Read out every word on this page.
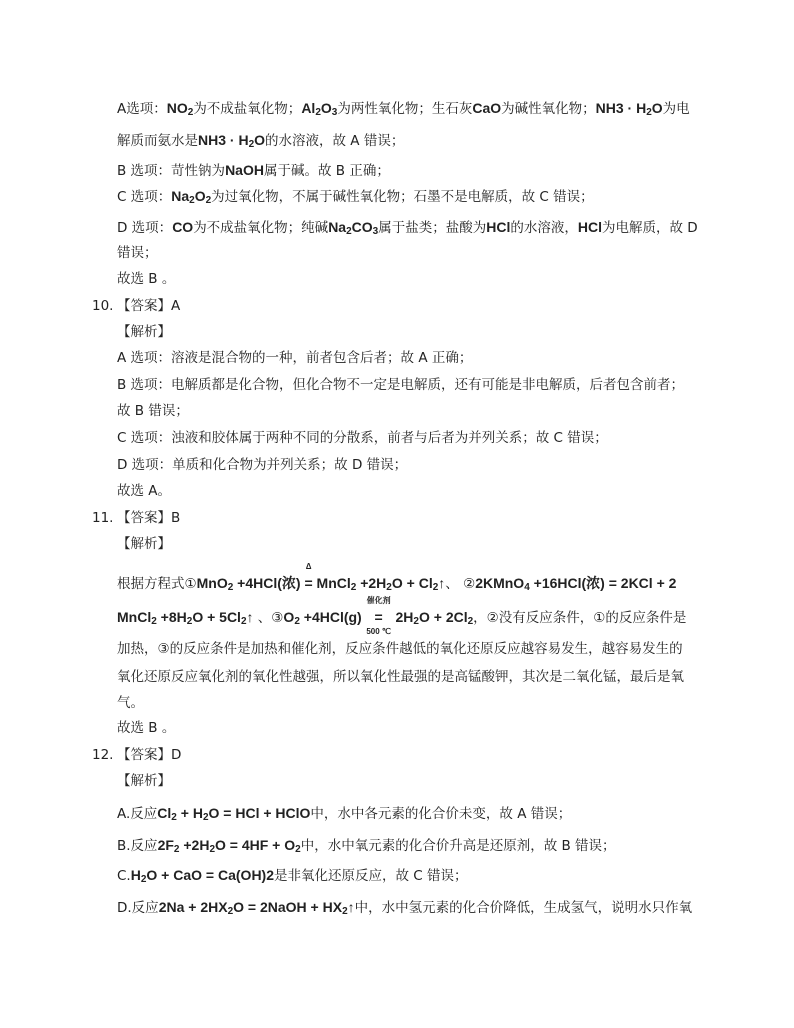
A选项：$NO_2$为不成盐氧化物；$Al_2O_3$为两性氧化物；生石灰CaO为碱性氧化物；$NH3 \cdot H_2O$为电
解质而氨水是$NH3 \cdot H_2O$的水溶液，故 A 错误；
B 选项：苛性钠为NaOH属于碱。故 B 正确；
C 选项：$Na_2O_2$为过氧化物，不属于碱性氧化物；石墨不是电解质，故 C 错误；
D 选项：CO为不成盐氧化物；纯碱$Na_2CO_3$属于盐类；盐酸为HCl的水溶液，HCl为电解质，故 D
错误；
故选 B 。
10. 【答案】A
【解析】
A 选项：溶液是混合物的一种，前者包含后者；故 A 正确；
B 选项：电解质都是化合物，但化合物不一定是电解质，还有可能是非电解质，后者包含前者；
故 B 错误；
C 选项：浊液和胶体属于两种不同的分散系，前者与后者为并列关系；故 C 错误；
D 选项：单质和化合物为并列关系；故 D 错误；
故选 A。
11. 【答案】B
【解析】
根据方程式①MnO$_2$ +4HCl(浓)
Δ
= MnCl$_2$ $+2H_2O$ + $Cl_2↑$、 ②2KMnO$_4$ +16HCl(浓) = 2KCl + 2
MnCl$_2$ $+8H_2O$ + $5Cl_2↑$ 、$③O_2 +4HCl(g)$
催化剂
=
500 ℃
$2H_2O + 2Cl_2$，②没有反应条件，①的反应条件是
加热，③的反应条件是加热和催化剂，反应条件越低的氧化还原反应越容易发生，越容易发生的
氧化还原反应氧化剂的氧化性越强，所以氧化性最强的是高锰酸钾，其次是二氧化锰，最后是氧
气。
故选 B 。
12. 【答案】D
【解析】
A.反应$Cl_2 + H_2O$ = HCl + HClO中，水中各元素的化合价未变，故 A 错误；
B.反应$2F_2 +2H_2O = 4HF + O_2$中，水中氧元素的化合价升高是还原剂，故 B 错误；
$C.H_2O$ + CaO = Ca(OH)2是非氧化还原反应，故 C 错误；
D.反应$2Na + 2HX_2O$ = 2NaOH + $HX_2↑$中，水中氢元素的化合价降低，生成氢气，说明水只作氧
